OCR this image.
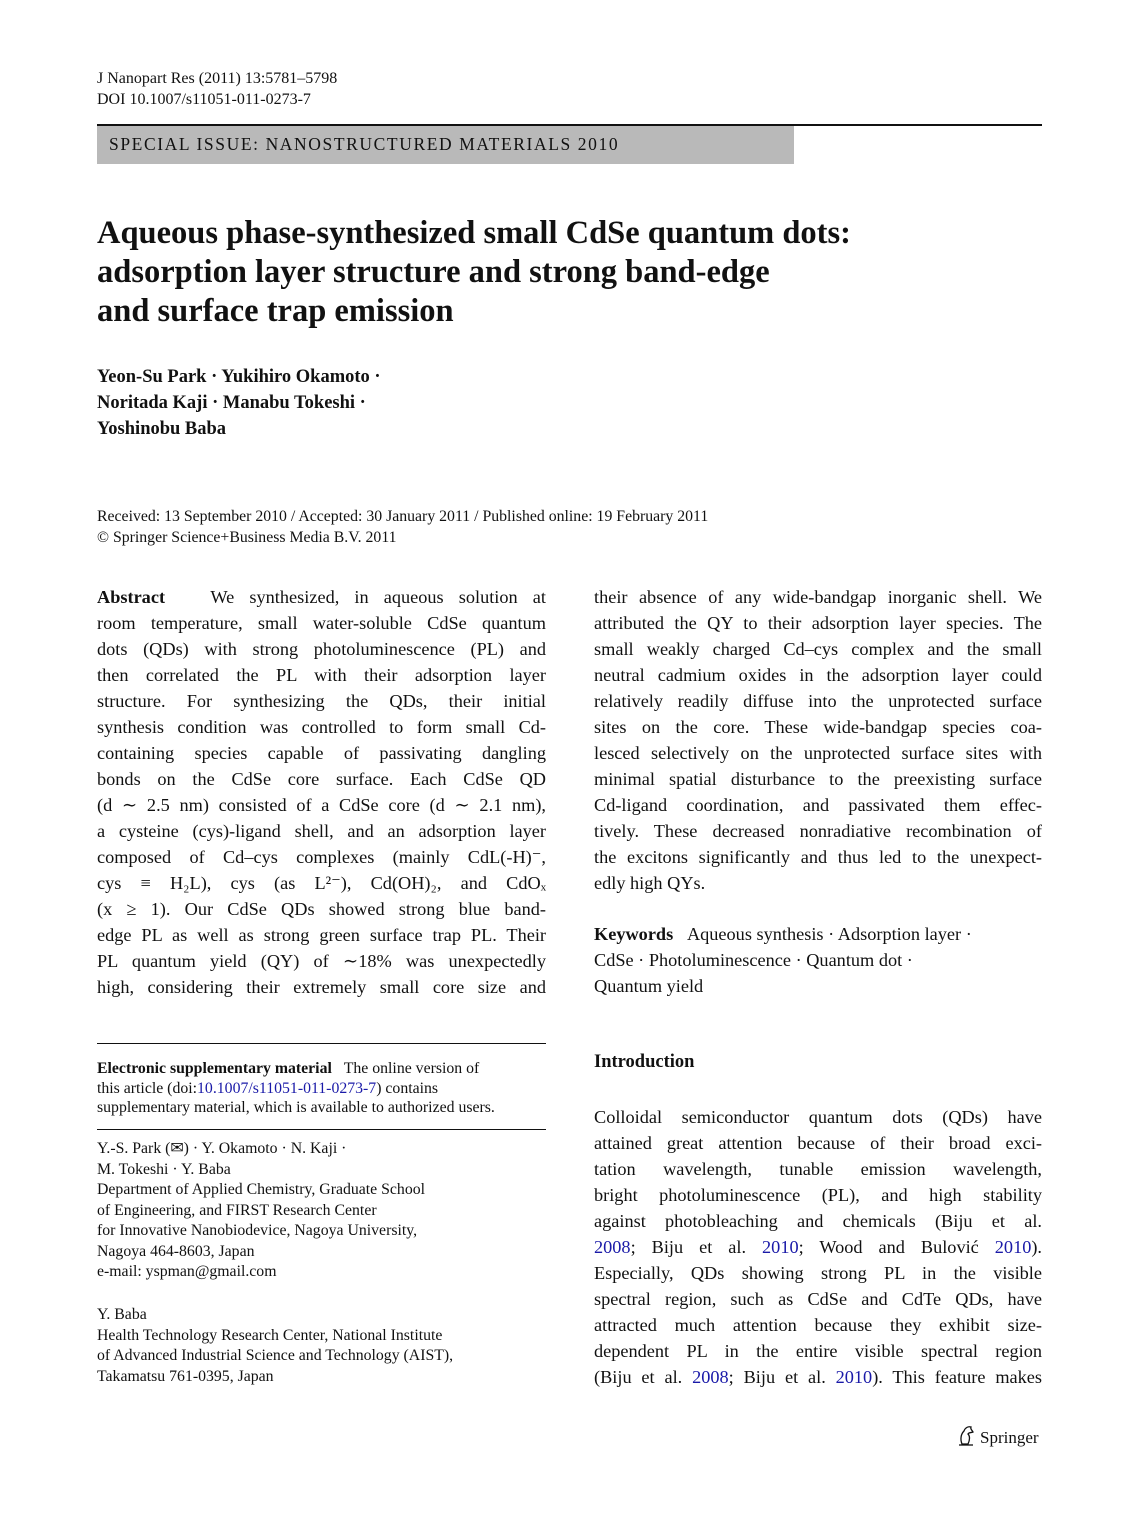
J Nanopart Res (2011) 13:5781–5798
DOI 10.1007/s11051-011-0273-7
SPECIAL ISSUE: NANOSTRUCTURED MATERIALS 2010
Aqueous phase-synthesized small CdSe quantum dots:
adsorption layer structure and strong band-edge
and surface trap emission
Yeon-Su Park · Yukihiro Okamoto ·
Noritada Kaji · Manabu Tokeshi ·
Yoshinobu Baba
Received: 13 September 2010 / Accepted: 30 January 2011 / Published online: 19 February 2011
© Springer Science+Business Media B.V. 2011
Abstract We synthesized, in aqueous solution at
room temperature, small water-soluble CdSe quantum
dots (QDs) with strong photoluminescence (PL) and
then correlated the PL with their adsorption layer
structure. For synthesizing the QDs, their initial
synthesis condition was controlled to form small Cd-
containing species capable of passivating dangling
bonds on the CdSe core surface. Each CdSe QD
(d ∼ 2.5 nm) consisted of a CdSe core (d ∼ 2.1 nm),
a cysteine (cys)-ligand shell, and an adsorption layer
composed of Cd–cys complexes (mainly CdL(-H)⁻,
cys ≡ H₂L), cys (as L²⁻), Cd(OH)₂, and CdOₓ
(x ≥ 1). Our CdSe QDs showed strong blue band-
edge PL as well as strong green surface trap PL. Their
PL quantum yield (QY) of ∼18% was unexpectedly
high, considering their extremely small core size and
their absence of any wide-bandgap inorganic shell. We
attributed the QY to their adsorption layer species. The
small weakly charged Cd–cys complex and the small
neutral cadmium oxides in the adsorption layer could
relatively readily diffuse into the unprotected surface
sites on the core. These wide-bandgap species coa-
lesced selectively on the unprotected surface sites with
minimal spatial disturbance to the preexisting surface
Cd-ligand coordination, and passivated them effec-
tively. These decreased nonradiative recombination of
the excitons significantly and thus led to the unexpect-
edly high QYs.
Keywords Aqueous synthesis · Adsorption layer ·
CdSe · Photoluminescence · Quantum dot ·
Quantum yield
Introduction
Colloidal semiconductor quantum dots (QDs) have
attained great attention because of their broad exci-
tation wavelength, tunable emission wavelength,
bright photoluminescence (PL), and high stability
against photobleaching and chemicals (Biju et al.
2008; Biju et al. 2010; Wood and Bulović 2010).
Especially, QDs showing strong PL in the visible
spectral region, such as CdSe and CdTe QDs, have
attracted much attention because they exhibit size-
dependent PL in the entire visible spectral region
(Biju et al. 2008; Biju et al. 2010). This feature makes
Electronic supplementary material The online version of
this article (doi:10.1007/s11051-011-0273-7) contains
supplementary material, which is available to authorized users.
Y.-S. Park (✉) · Y. Okamoto · N. Kaji ·
M. Tokeshi · Y. Baba
Department of Applied Chemistry, Graduate School
of Engineering, and FIRST Research Center
for Innovative Nanobiodevice, Nagoya University,
Nagoya 464-8603, Japan
e-mail: yspman@gmail.com
Y. Baba
Health Technology Research Center, National Institute
of Advanced Industrial Science and Technology (AIST),
Takamatsu 761-0395, Japan
Springer
